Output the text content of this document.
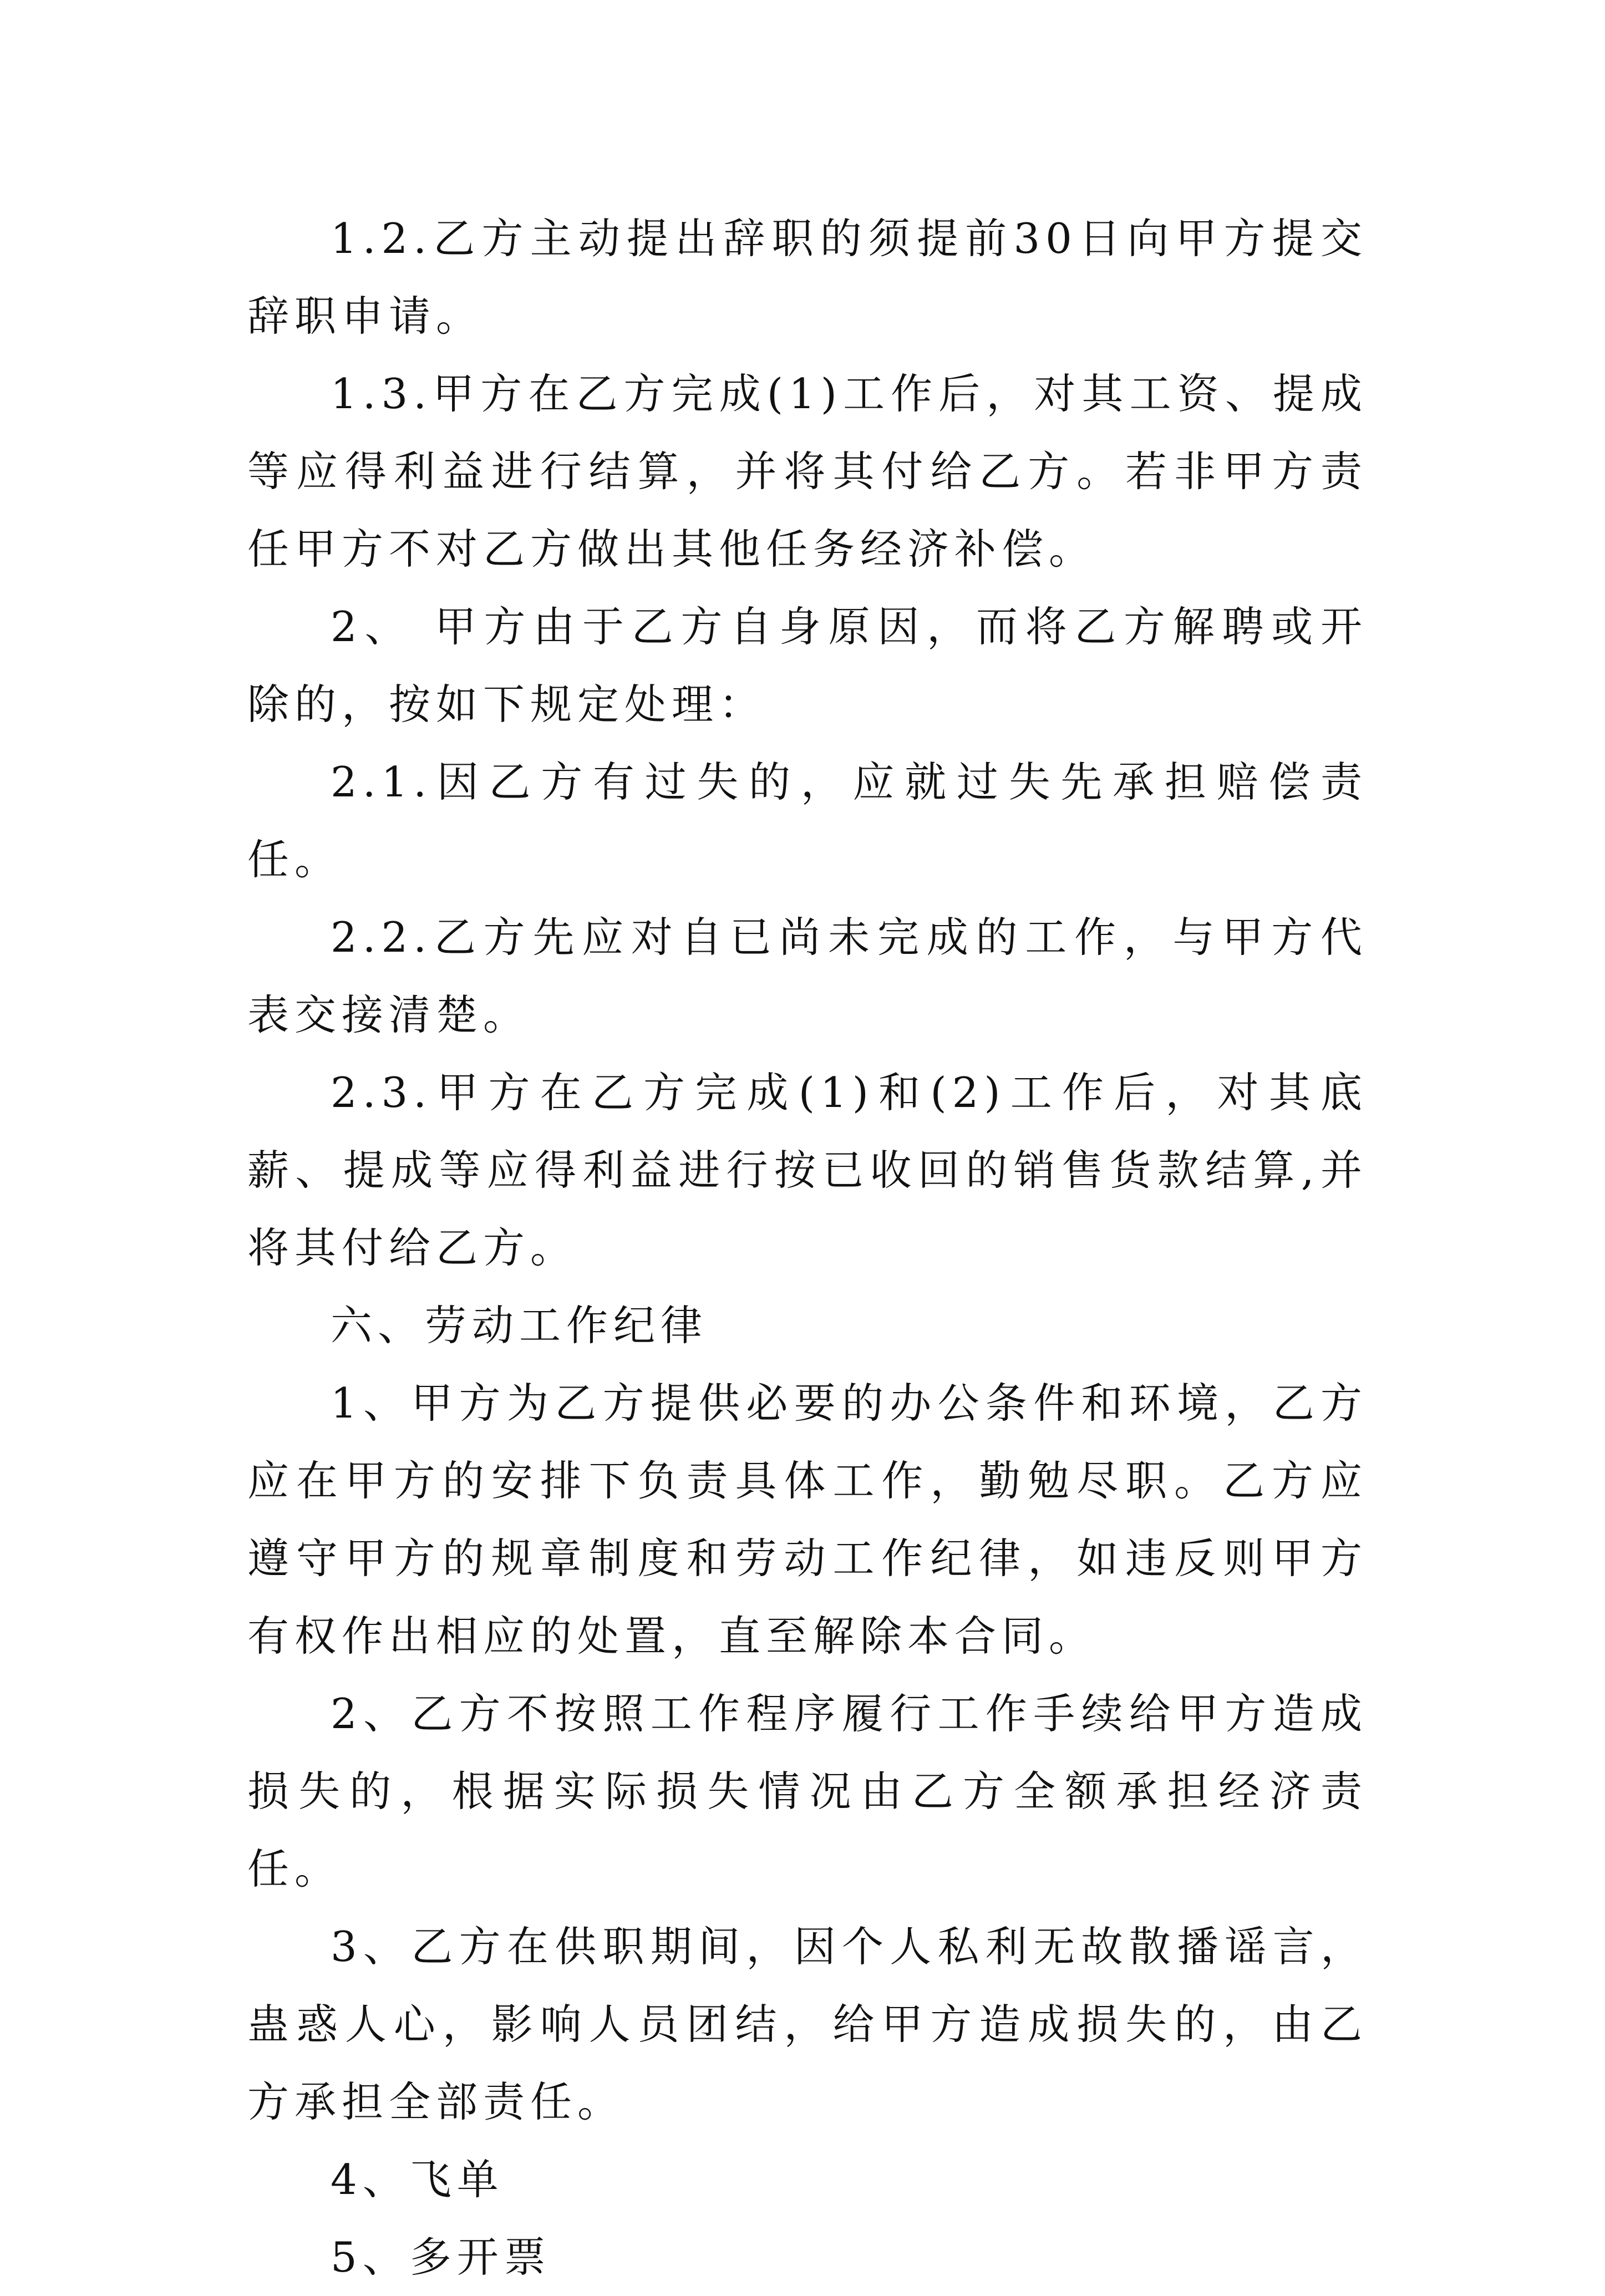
1.2.乙方主动提出辞职的须提前30日向甲方提交辞职申请。

1.3.甲方在乙方完成(1)工作后，对其工资、提成等应得利益进行结算，并将其付给乙方。若非甲方责任甲方不对乙方做出其他任务经济补偿。

2、 甲方由于乙方自身原因，而将乙方解聘或开除的，按如下规定处理：

2.1.因乙方有过失的，应就过失先承担赔偿责任。

2.2.乙方先应对自已尚未完成的工作，与甲方代表交接清楚。

2.3.甲方在乙方完成(1)和(2)工作后，对其底薪、提成等应得利益进行按已收回的销售货款结算,并将其付给乙方。

六、劳动工作纪律

1、甲方为乙方提供必要的办公条件和环境，乙方应在甲方的安排下负责具体工作，勤勉尽职。乙方应遵守甲方的规章制度和劳动工作纪律，如违反则甲方有权作出相应的处置，直至解除本合同。

2、乙方不按照工作程序履行工作手续给甲方造成损失的，根据实际损失情况由乙方全额承担经济责任。

3、乙方在供职期间，因个人私利无故散播谣言，蛊惑人心，影响人员团结，给甲方造成损失的，由乙方承担全部责任。

4、飞单

5、多开票
